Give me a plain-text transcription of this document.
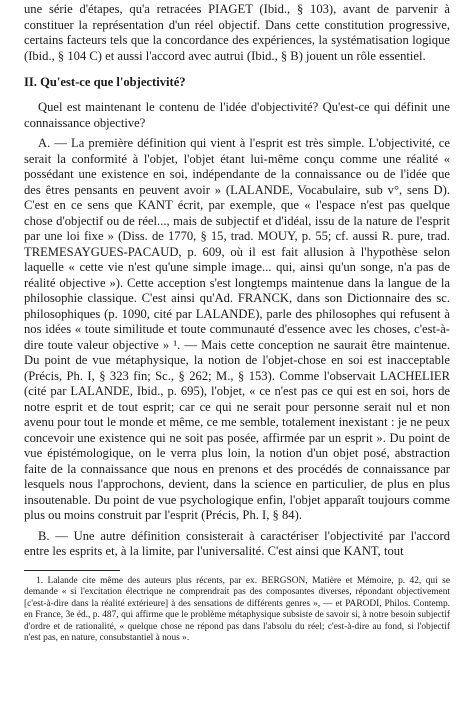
une série d'étapes, qu'a retracées PIAGET (Ibid., § 103), avant de parvenir à constituer la représentation d'un réel objectif. Dans cette constitution progressive, certains facteurs tels que la concordance des expériences, la systématisation logique (Ibid., § 104 C) et aussi l'accord avec autrui (Ibid., § B) jouent un rôle essentiel.

II. Qu'est-ce que l'objectivité?

Quel est maintenant le contenu de l'idée d'objectivité? Qu'est-ce qui définit une connaissance objective?

A. — La première définition qui vient à l'esprit est très simple. L'objectivité, ce serait la conformité à l'objet, l'objet étant lui-même conçu comme une réalité « possédant une existence en soi, indépendante de la connaissance ou de l'idée que des êtres pensants en peuvent avoir » (LALANDE, Vocabulaire, sub v°, sens D). C'est en ce sens que KANT écrit, par exemple, que « l'espace n'est pas quelque chose d'objectif ou de réel..., mais de subjectif et d'idéal, issu de la nature de l'esprit par une loi fixe » (Diss. de 1770, § 15, trad. MOUY, p. 55; cf. aussi R. pure, trad. TREMESAYGUES-PACAUD, p. 609, où il est fait allusion à l'hypothèse selon laquelle « cette vie n'est qu'une simple image... qui, ainsi qu'un songe, n'a pas de réalité objective »). Cette acception s'est longtemps maintenue dans la langue de la philosophie classique. C'est ainsi qu'Ad. FRANCK, dans son Dictionnaire des sc. philosophiques (p. 1090, cité par LALANDE), parle des philosophes qui refusent à nos idées « toute similitude et toute communauté d'essence avec les choses, c'est-à-dire toute valeur objective » ¹. — Mais cette conception ne saurait être maintenue. Du point de vue métaphysique, la notion de l'objet-chose en soi est inacceptable (Précis, Ph. I, § 323 fin; Sc., § 262; M., § 153). Comme l'observait LACHELIER (cité par LALANDE, Ibid., p. 695), l'objet, « ce n'est pas ce qui est en soi, hors de notre esprit et de tout esprit; car ce qui ne serait pour personne serait nul et non avenu pour tout le monde et même, ce me semble, totalement inexistant : je ne peux concevoir une existence qui ne soit pas posée, affirmée par un esprit ». Du point de vue épistémologique, on le verra plus loin, la notion d'un objet posé, abstraction faite de la connaissance que nous en prenons et des procédés de connaissance par lesquels nous l'approchons, devient, dans la science en particulier, de plus en plus insoutenable. Du point de vue psychologique enfin, l'objet apparaît toujours comme plus ou moins construit par l'esprit (Précis, Ph. I, § 84).

B. — Une autre définition consisterait à caractériser l'objectivité par l'accord entre les esprits et, à la limite, par l'universalité. C'est ainsi que KANT, tout

1. Lalande cite même des auteurs plus récents, par ex. BERGSON, Matière et Mémoire, p. 42, qui se demande « si l'excitation électrique ne comprendrait pas des composantes diverses, répondant objectivement [c'est-à-dire dans la réalité extérieure] à des sensations de différents genres », — et PARODI, Philos. Contemp. en France, 3e éd., p. 487, qui affirme que le problème métaphysique subsiste de savoir si, à notre besoin subjectif d'ordre et de rationalité, « quelque chose ne répond pas dans l'absolu du réel; c'est-à-dire au fond, si l'objectif n'est pas, en nature, consubstantiel à nous ».
